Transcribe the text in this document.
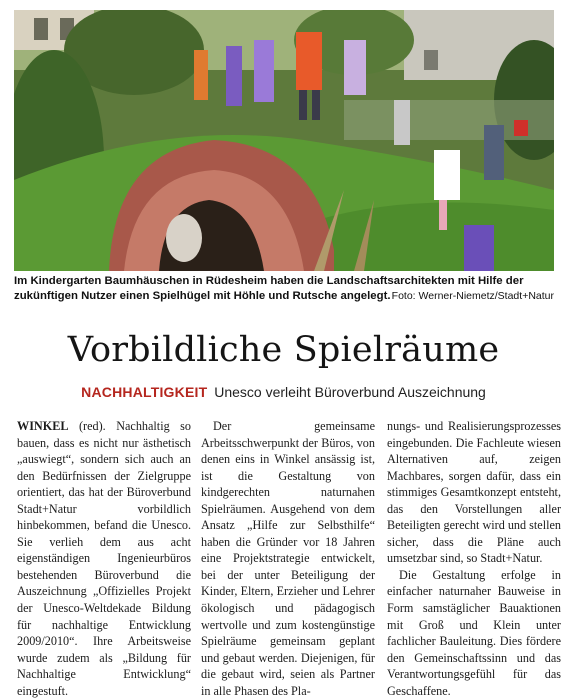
Im Kindergarten Baumhäuschen in Rüdesheim haben die Landschaftsarchitekten mit Hilfe der zukünftigen Nutzer einen Spielhügel mit Höhle und Rutsche angelegt. Foto: Werner-Niemetz/Stadt+Natur
Vorbildliche Spielräume
NACHHALTIGKEIT Unesco verleiht Büroverbund Auszeichnung

WINKEL (red). Nachhaltig so bauen, dass es nicht nur ästhetisch „auswiegt“, sondern sich auch an den Bedürfnissen der Zielgruppe orientiert, das hat der Büroverbund Stadt+Natur vorbildlich hinbekommen, befand die Unesco. Sie verlieh dem aus acht eigenständigen Ingenieurbüros bestehenden Büroverbund die Auszeichnung „Offizielles Projekt der Unesco-Weltdekade Bildung für nachhaltige Entwicklung 2009/2010“. Ihre Arbeitsweise wurde zudem als „Bildung für Nachhaltige Entwicklung“ eingestuft.

Der gemeinsame Arbeitsschwerpunkt der Büros, von denen eins in Winkel ansässig ist, ist die Gestaltung von kindgerechten naturnahen Spielräumen. Ausgehend von dem Ansatz „Hilfe zur Selbsthilfe“ haben die Gründer vor 18 Jahren eine Projektstrategie entwickelt, bei der unter Beteiligung der Kinder, Eltern, Erzieher und Lehrer ökologisch und pädagogisch wertvolle und zum kostengünstige Spielräume gemeinsam geplant und gebaut werden. Diejenigen, für die gebaut wird, seien als Partner in alle Phasen des Pla-

nungs- und Realisierungsprozesses eingebunden. Die Fachleute wiesen Alternativen auf, zeigen Machbares, sorgen dafür, dass ein stimmiges Gesamtkonzept entsteht, das den Vorstellungen aller Beteiligten gerecht wird und stellen sicher, dass die Pläne auch umsetzbar sind, so Stadt+Natur.

Die Gestaltung erfolge in einfacher naturnaher Bauweise in Form samstäglicher Bauaktionen mit Groß und Klein unter fachlicher Bauleitung. Dies fördere den Gemeinschaftssinn und das Verantwortungsgefühl für das Geschaffene.
